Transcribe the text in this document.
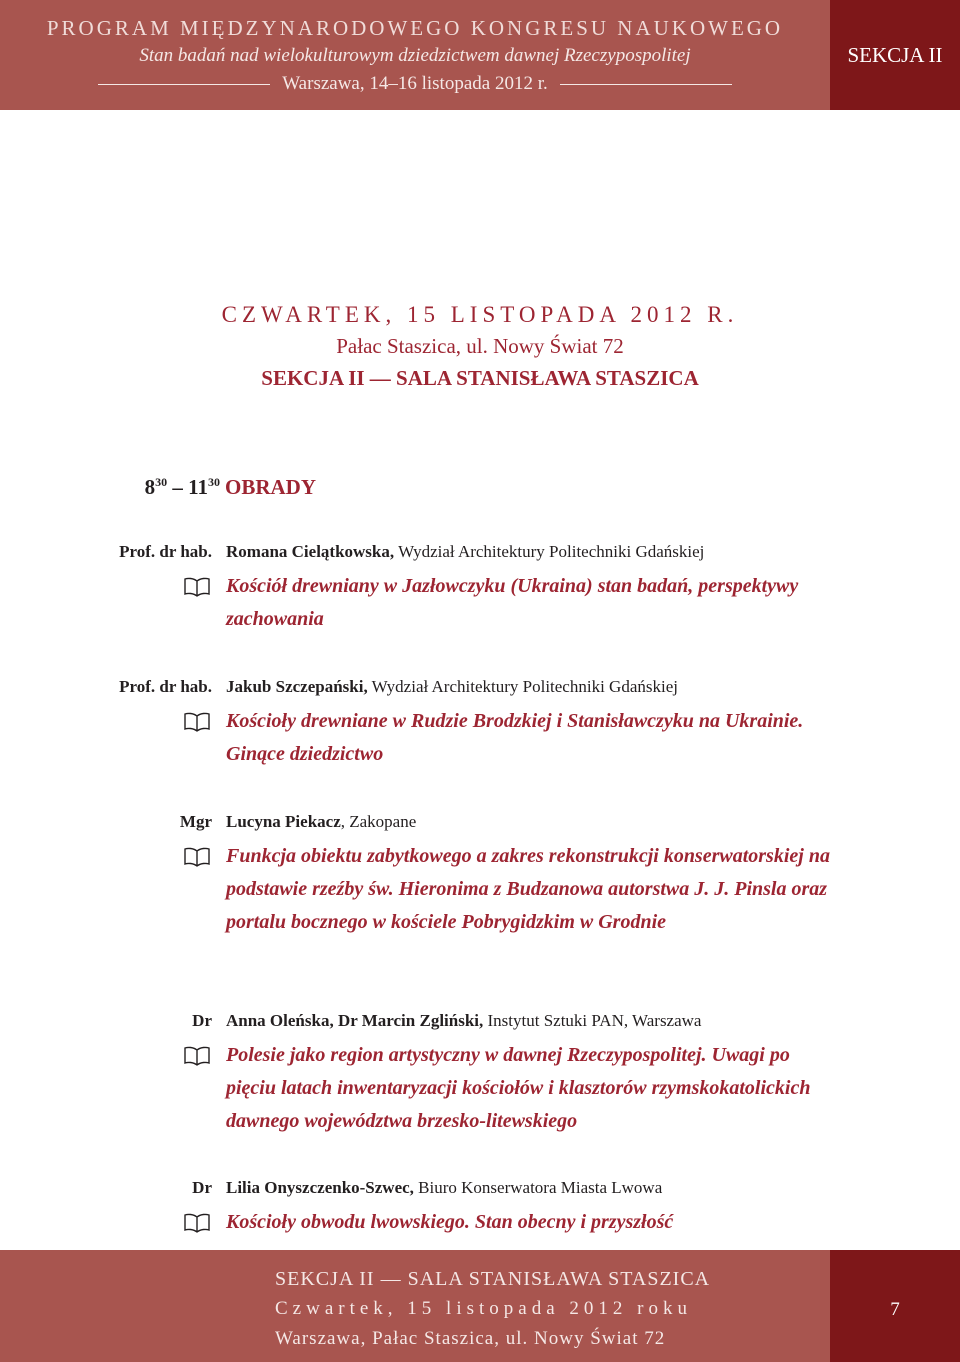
PROGRAM MIĘDZYNARODOWEGO KONGRESU NAUKOWEGO
Stan badań nad wielokulturowym dziedzictwem dawnej Rzeczypospolitej
Warszawa, 14–16 listopada 2012 r.
SEKCJA II
CZWARTEK, 15 LISTOPADA 2012 R.
Pałac Staszica, ul. Nowy Świat 72
SEKCJA II — SALA STANISŁAWA STASZICA
$8^{30} - 11^{30}$ OBRADY
Prof. dr hab. Romana Cielątkowska, Wydział Architektury Politechniki Gdańskiej

Kościół drewniany w Jazłowczyku (Ukraina) stan badań, perspektywy zachowania

Prof. dr hab. Jakub Szczepański, Wydział Architektury Politechniki Gdańskiej

Kościoły drewniane w Rudzie Brodzkiej i Stanisławczyku na Ukrainie. Ginące dziedzictwo

Mgr Lucyna Piekacz, Zakopane

Funkcja obiektu zabytkowego a zakres rekonstrukcji konserwatorskiej na podstawie rzeźby św. Hieronima z Budzanowa autorstwa J. J. Pinsla oraz portalu bocznego w kościele Pobrygidzkim w Grodnie

Dr Anna Oleńska, Dr Marcin Zgliński, Instytut Sztuki PAN, Warszawa

Polesie jako region artystyczny w dawnej Rzeczypospolitej. Uwagi po pięciu latach inwentaryzacji kościołów i klasztorów rzymskokatolickich dawnego województwa brzesko-litewskiego

Dr Lilia Onyszczenko-Szwec, Biuro Konserwatora Miasta Lwowa

Kościoły obwodu lwowskiego. Stan obecny i przyszłość

SEKCJA II — SALA STANISŁAWA STASZICA
Czwartek, 15 listopada 2012 roku
Warszawa, Pałac Staszica, ul. Nowy Świat 72
7
